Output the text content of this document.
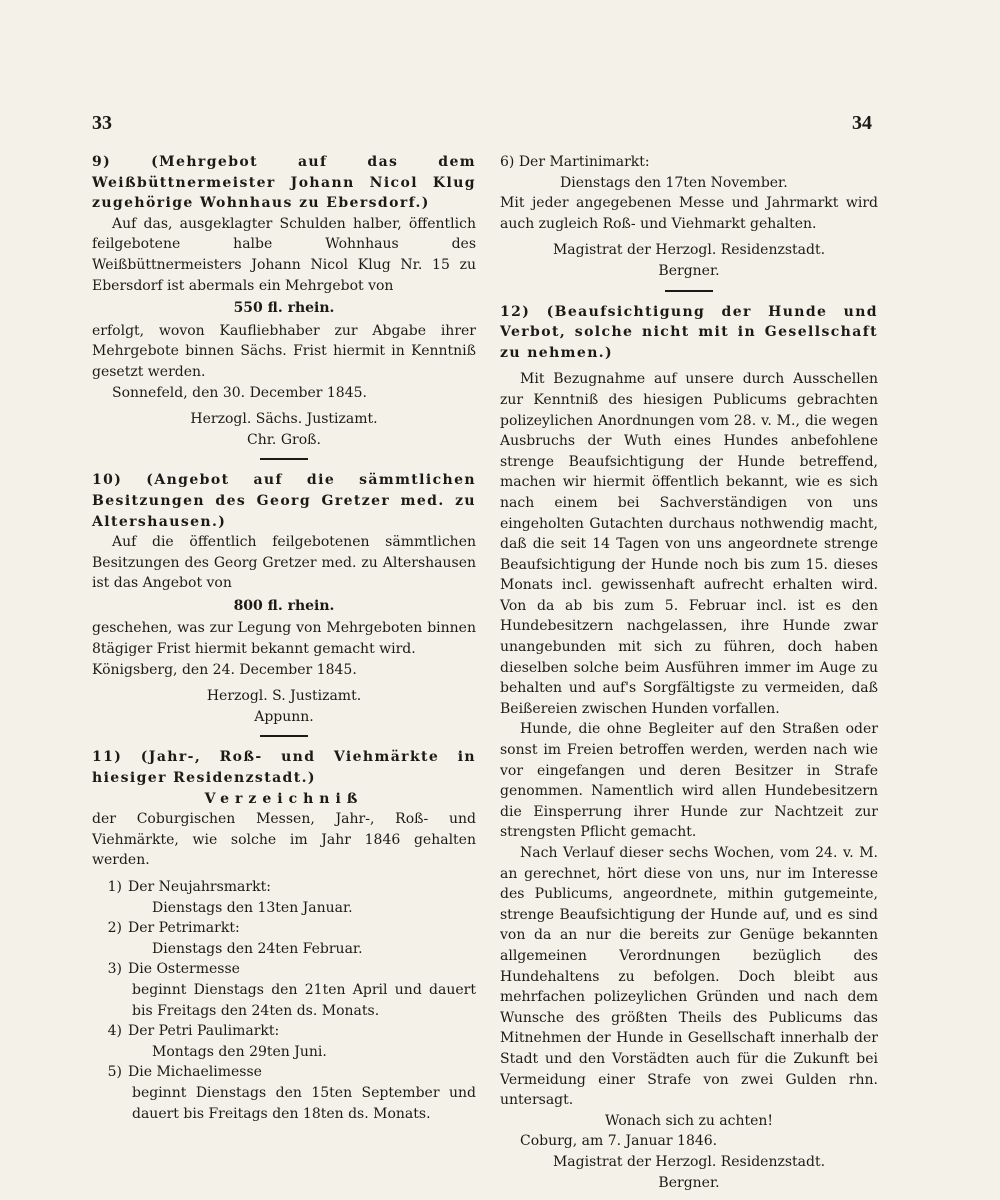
33	34

9) (Mehrgebot auf das dem Weißbüttnermeister Johann Nicol Klug zugehörige Wohnhaus zu Ebersdorf.)

Auf das, ausgeklagter Schulden halber, öffentlich feilgebotene halbe Wohnhaus des Weißbüttnermeisters Johann Nicol Klug Nr. 15 zu Ebersdorf ist abermals ein Mehrgebot von

550 fl. rhein.

erfolgt, wovon Kaufliebhaber zur Abgabe ihrer Mehrgebote binnen Sächs. Frist hiermit in Kenntniß gesetzt werden.

Sonnefeld, den 30. December 1845.

Herzogl. Sächs. Justizamt.

Chr. Groß.

10) (Angebot auf die sämmtlichen Besitzungen des Georg Gretzer med. zu Altershausen.)

Auf die öffentlich feilgebotenen sämmtlichen Besitzungen des Georg Gretzer med. zu Altershausen ist das Angebot von

800 fl. rhein.

geschehen, was zur Legung von Mehrgeboten binnen 8tägiger Frist hiermit bekannt gemacht wird.

Königsberg, den 24. December 1845.

Herzogl. S. Justizamt.

Appunn.

11) (Jahr-, Roß- und Viehmärkte in hiesiger Residenzstadt.)

Verzeichniß

der Coburgischen Messen, Jahr-, Roß- und Viehmärkte, wie solche im Jahr 1846 gehalten werden.

1) Der Neujahrsmarkt:

Dienstags den 13ten Januar.

2) Der Petrimarkt:

Dienstags den 24ten Februar.

3) Die Ostermesse

beginnt Dienstags den 21ten April und dauert bis Freitags den 24ten ds. Monats.

4) Der Petri Paulimarkt:

Montags den 29ten Juni.

5) Die Michaelimesse

beginnt Dienstags den 15ten September und dauert bis Freitags den 18ten ds. Monats.

6) Der Martinimarkt:

Dienstags den 17ten November.

Mit jeder angegebenen Messe und Jahrmarkt wird auch zugleich Roß- und Viehmarkt gehalten.

Magistrat der Herzogl. Residenzstadt.

Bergner.

12) (Beaufsichtigung der Hunde und Verbot, solche nicht mit in Gesellschaft zu nehmen.)

Mit Bezugnahme auf unsere durch Ausschellen zur Kenntniß des hiesigen Publicums gebrachten polizeylichen Anordnungen vom 28. v. M., die wegen Ausbruchs der Wuth eines Hundes anbefohlene strenge Beaufsichtigung der Hunde betreffend, machen wir hiermit öffentlich bekannt, wie es sich nach einem bei Sachverständigen von uns eingeholten Gutachten durchaus nothwendig macht, daß die seit 14 Tagen von uns angeordnete strenge Beaufsichtigung der Hunde noch bis zum 15. dieses Monats incl. gewissenhaft aufrecht erhalten wird. Von da ab bis zum 5. Februar incl. ist es den Hundebesitzern nachgelassen, ihre Hunde zwar unangebunden mit sich zu führen, doch haben dieselben solche beim Ausführen immer im Auge zu behalten und auf's Sorgfältigste zu vermeiden, daß Beißereien zwischen Hunden vorfallen.

Hunde, die ohne Begleiter auf den Straßen oder sonst im Freien betroffen werden, werden nach wie vor eingefangen und deren Besitzer in Strafe genommen. Namentlich wird allen Hundebesitzern die Einsperrung ihrer Hunde zur Nachtzeit zur strengsten Pflicht gemacht.

Nach Verlauf dieser sechs Wochen, vom 24. v. M. an gerechnet, hört diese von uns, nur im Interesse des Publicums, angeordnete, mithin gutgemeinte, strenge Beaufsichtigung der Hunde auf, und es sind von da an nur die bereits zur Genüge bekannten allgemeinen Verordnungen bezüglich des Hundehaltens zu befolgen. Doch bleibt aus mehrfachen polizeylichen Gründen und nach dem Wunsche des größten Theils des Publicums das Mitnehmen der Hunde in Gesellschaft innerhalb der Stadt und den Vorstädten auch für die Zukunft bei Vermeidung einer Strafe von zwei Gulden rhn. untersagt.

Wonach sich zu achten!

Coburg, am 7. Januar 1846.

Magistrat der Herzogl. Residenzstadt.

Bergner.
